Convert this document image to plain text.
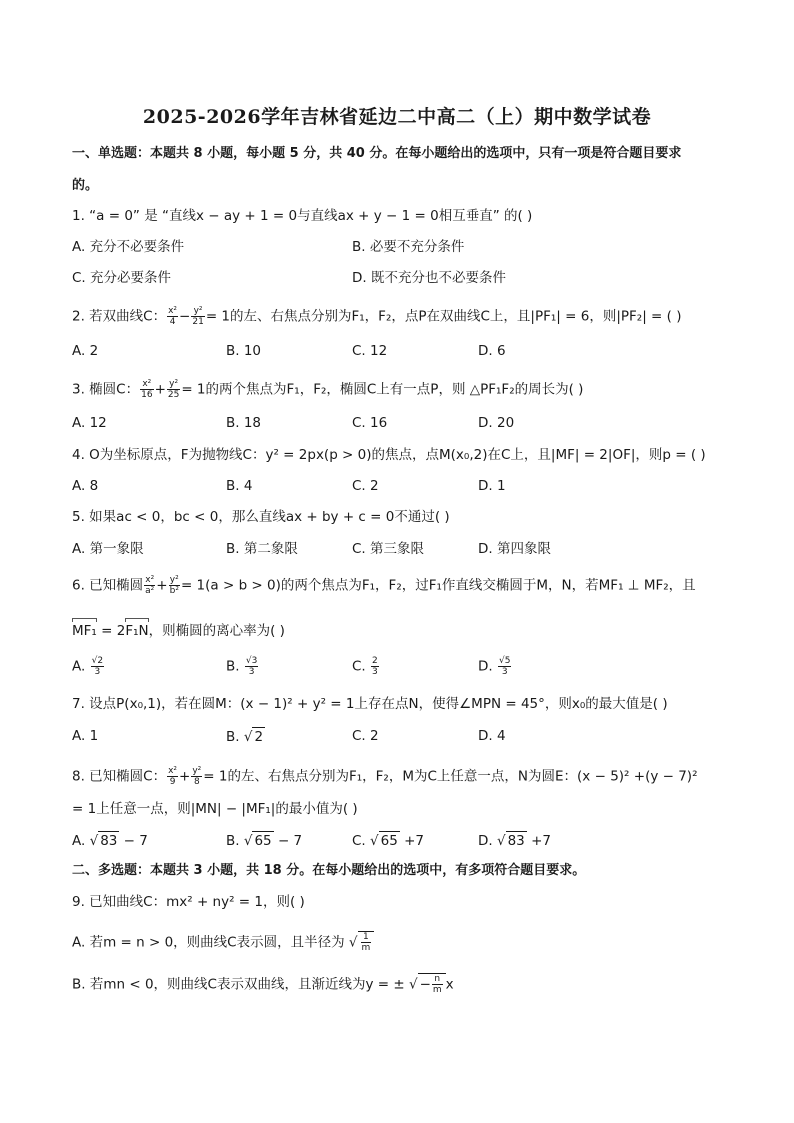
2025-2026学年吉林省延边二中高二（上）期中数学试卷
一、单选题：本题共 8 小题，每小题 5 分，共 40 分。在每小题给出的选项中，只有一项是符合题目要求
的。
1. “a = 0” 是 “直线x − ay + 1 = 0与直线ax + y − 1 = 0相互垂直” 的( )
A. 充分不必要条件	B. 必要不充分条件
C. 充分必要条件	D. 既不充分也不必要条件
2. 若双曲线C： $\frac{\text{x²}}{4} - \frac{\text{y²}}{21} = 1$的左、右焦点分别为F₁，F₂，点P在双曲线C上，且|PF₁| = 6，则|PF₂| = ( )
A. 2	B. 10	C. 12	D. 6
3. 椭圆C： $\frac{\text{x²}}{16} + \frac{\text{y²}}{25} = 1$的两个焦点为F₁，F₂，椭圆C上有一点P，则 △PF₁F₂的周长为( )
A. 12	B. 18	C. 16	D. 20
4. O为坐标原点，F为抛物线C：y² = 2px(p > 0)的焦点，点M(x₀,2)在C上，且|MF| = 2|OF|，则p = ( )
A. 8	B. 4	C. 2	D. 1
5. 如果ac < 0，bc < 0，那么直线ax + by + c = 0不通过( )
A. 第一象限	B. 第二象限	C. 第三象限	D. 第四象限
6. 已知椭圆 $\frac{\text{x²}}{\text{a²}} + \frac{\text{y²}}{\text{b²}} = 1(a > b > 0)$的两个焦点为F₁，F₂，过F₁作直线交椭圆于M，N，若MF₁ ⊥ MF₂，且
MF₁ = 2F₁N，则椭圆的离心率为( )
A. $\frac{√2}{3}$	B. $\frac{√3}{3}$	C. $\frac{2}{3}$	D. $\frac{√5}{3}$
7. 设点P(x₀,1)，若在圆M：(x − 1)² + y² = 1上存在点N，使得∠MPN = 45°，则x₀的最大值是( )
A. 1	B. √ 2	C. 2	D. 4
8. 已知椭圆C： $\frac{\text{x²}}{9} + \frac{\text{y²}}{8} = 1$的左、右焦点分别为F₁，F₂，M为C上任意一点，N为圆E：(x − 5)² +(y − 7)²
= 1上任意一点，则|MN| − |MF₁|的最小值为( )
A. √ 83 − 7	B. √ 65 − 7	C. √ 65 +7	D. √ 83 +7
二、多选题：本题共 3 小题，共 18 分。在每小题给出的选项中，有多项符合题目要求。
9. 已知曲线C：mx² + ny² = 1，则( )
A. 若m = n > 0，则曲线C表示圆，且半径为 √ $\frac{1}{m}$
B. 若mn < 0，则曲线C表示双曲线，且渐近线为y = ± √ − $\frac{n}{m}$ x
